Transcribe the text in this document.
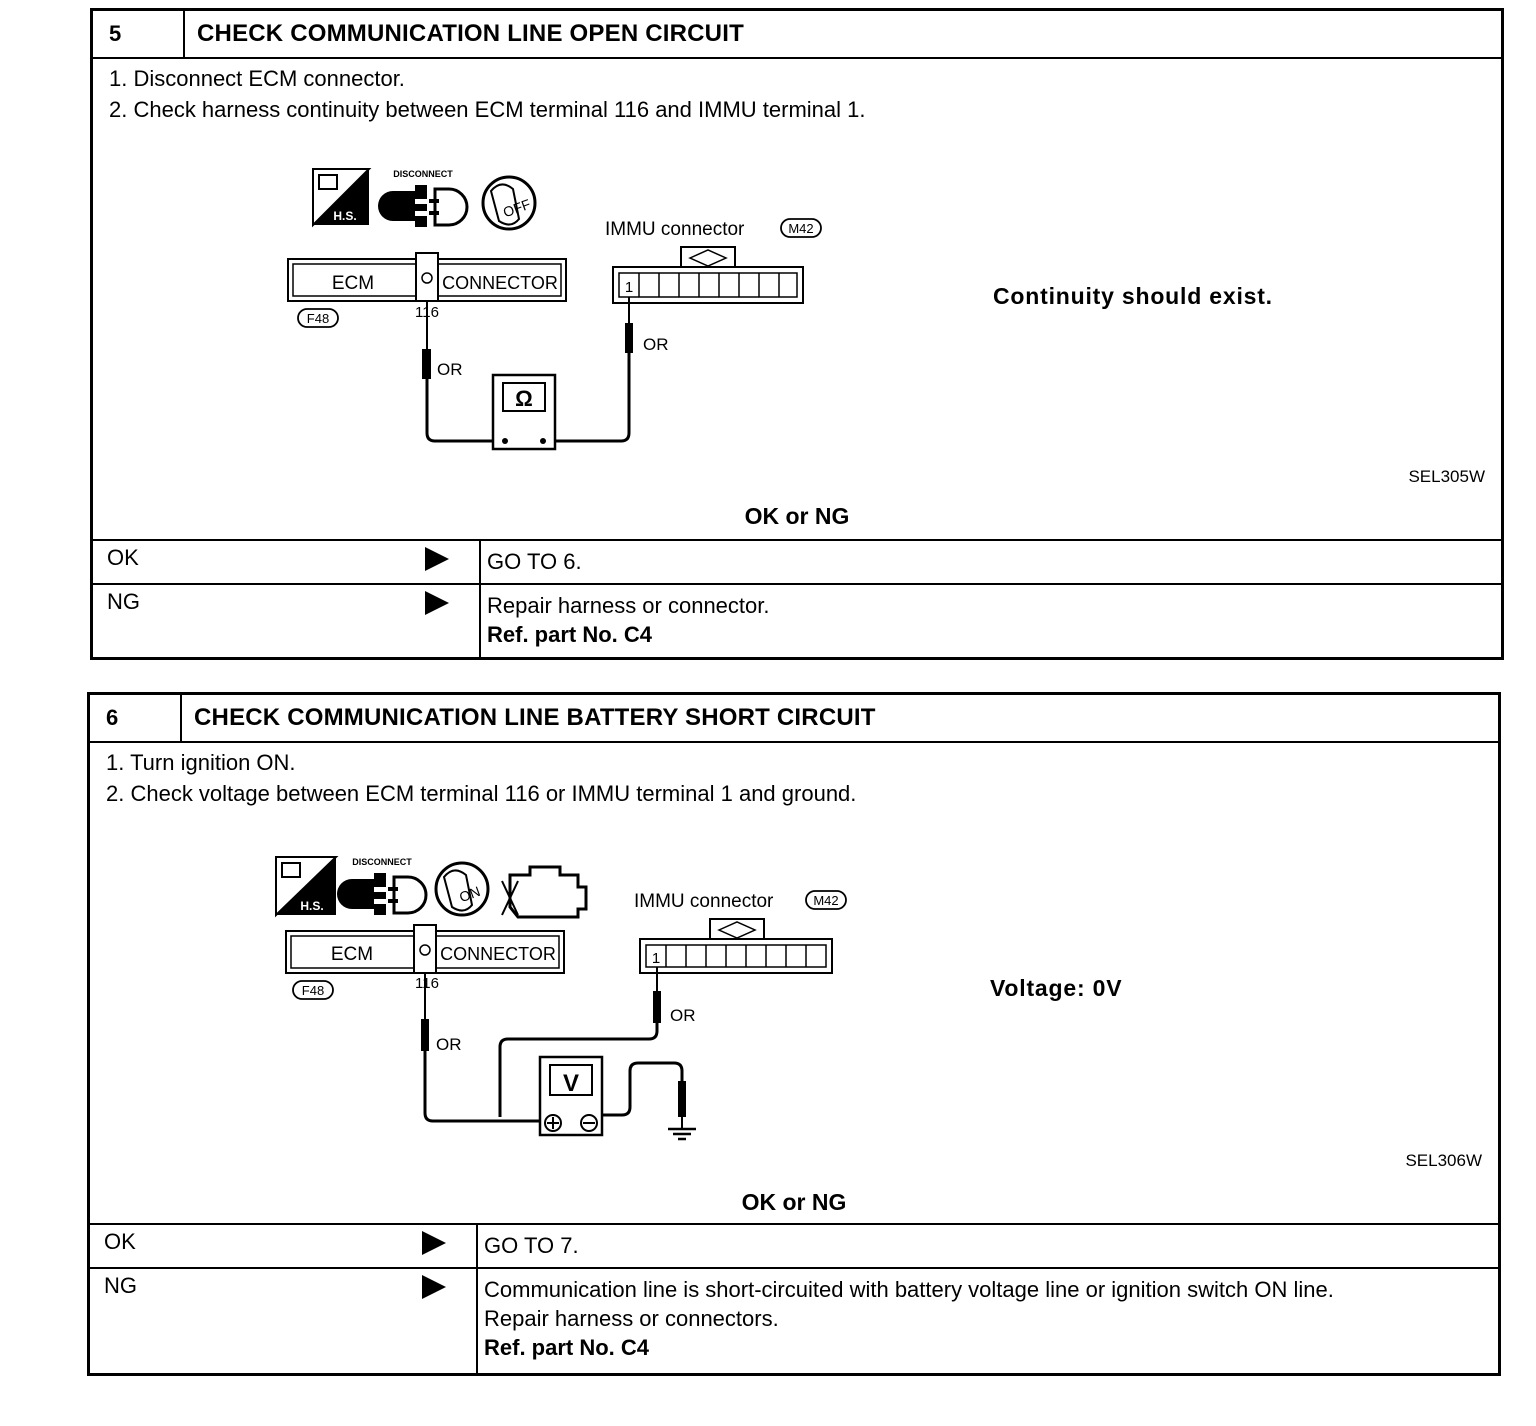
5	CHECK COMMUNICATION LINE OPEN CIRCUIT
1. Disconnect ECM connector.
2. Check harness continuity between ECM terminal 116 and IMMU terminal 1.
H.S.
DISCONNECT
OFF
ECM	CONNECTOR
F48	116
IMMU connector	M42
1
OR
OR
Ω
Continuity should exist.
SEL305W
OK or NG
OK	GO TO 6.
NG	Repair harness or connector.
Ref. part No. C4
6	CHECK COMMUNICATION LINE BATTERY SHORT CIRCUIT
1. Turn ignition ON.
2. Check voltage between ECM terminal 116 or IMMU terminal 1 and ground.
H.S.
DISCONNECT
ON
ECM	CONNECTOR
F48	116
IMMU connector	M42
1
OR
OR
V
Voltage: 0V
SEL306W
OK or NG
OK	GO TO 7.
NG	Communication line is short-circuited with battery voltage line or ignition switch ON line.
Repair harness or connectors.
Ref. part No. C4
